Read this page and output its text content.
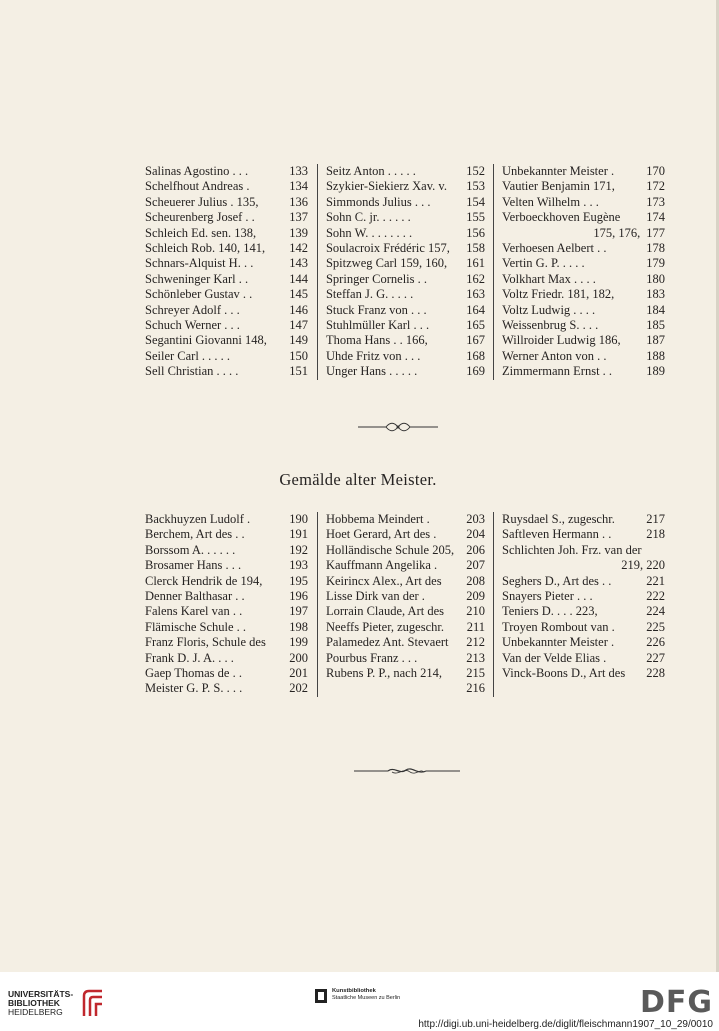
Salinas Agostino . . .	133
Schelfhout Andreas .	134
Scheuerer Julius . 135, 136
Scheurenberg Josef . .	137
Schleich Ed. sen. 138,	139
Schleich Rob. 140, 141, 142
Schnars-Alquist H. . .	143
Schweninger Karl . .	144
Schönleber Gustav . .	145
Schreyer Adolf . . .	146
Schuch Werner . . .	147
Segantini Giovanni 148, 149
Seiler Carl . . . . .	150
Sell Christian . . . .	151
Seitz Anton . . . . .	152
Szykier-Siekierz Xav. v. 153
Simmonds Julius . . .	154
Sohn C. jr. . . . . .	155
Sohn W. . . . . . . .	156
Soulacroix Frédéric 157, 158
Spitzweg Carl 159, 160, 161
Springer Cornelis . .	162
Steffan J. G. . . . .	163
Stuck Franz von . . .	164
Stuhlmüller Karl . . .	165
Thoma Hans . . 166,	167
Uhde Fritz von . . .	168
Unger Hans . . . . .	169
Unbekannter Meister .	170
Vautier Benjamin 171,	172
Velten Wilhelm . . .	173
Verboeckhoven Eugène 174
175, 176, 177
Verhoesen Aelbert . .	178
Vertin G. P. . . . .	179
Volkhart Max . . . .	180
Voltz Friedr. 181, 182,	183
Voltz Ludwig . . . .	184
Weissenbrug S. . . .	185
Willroider Ludwig 186, 187
Werner Anton von . .	188
Zimmermann Ernst . .	189
Gemälde alter Meister.
Backhuyzen Ludolf .	190
Berchem, Art des . .	191
Borssom A. . . . . .	192
Brosamer Hans . . .	193
Clerck Hendrik de 194, 195
Denner Balthasar . .	196
Falens Karel van . .	197
Flämische Schule . .	198
Franz Floris, Schule des 199
Frank D. J. A. . . .	200
Gaep Thomas de . .	201
Meister G. P. S. . . .	202
Hobbema Meindert .	203
Hoet Gerard, Art des . 204
Holländische Schule 205, 206
Kauffmann Angelika . 207
Keirincx Alex., Art des 208
Lisse Dirk van der .	209
Lorrain Claude, Art des 210
Neeffs Pieter, zugeschr. 211
Palamedez Ant. Stevaert 212
Pourbus Franz . . .	213
Rubens P. P., nach 214, 215
216
Ruysdael S., zugeschr.	217
Saftleven Hermann . .	218
Schlichten Joh. Frz. van der
219, 220
Seghers D., Art des . .	221
Snayers Pieter . . .	222
Teniers D. . . . 223,	224
Troyen Rombout van .	225
Unbekannter Meister .	226
Van der Velde Elias .	227
Vinck-Boons D., Art des 228
UNIVERSITÄTS-
BIBLIOTHEK
HEIDELBERG
Kunstbibliothek
Staatliche Museen zu Berlin	DFG
http://digi.ub.uni-heidelberg.de/diglit/fleischmann1907_10_29/0010
